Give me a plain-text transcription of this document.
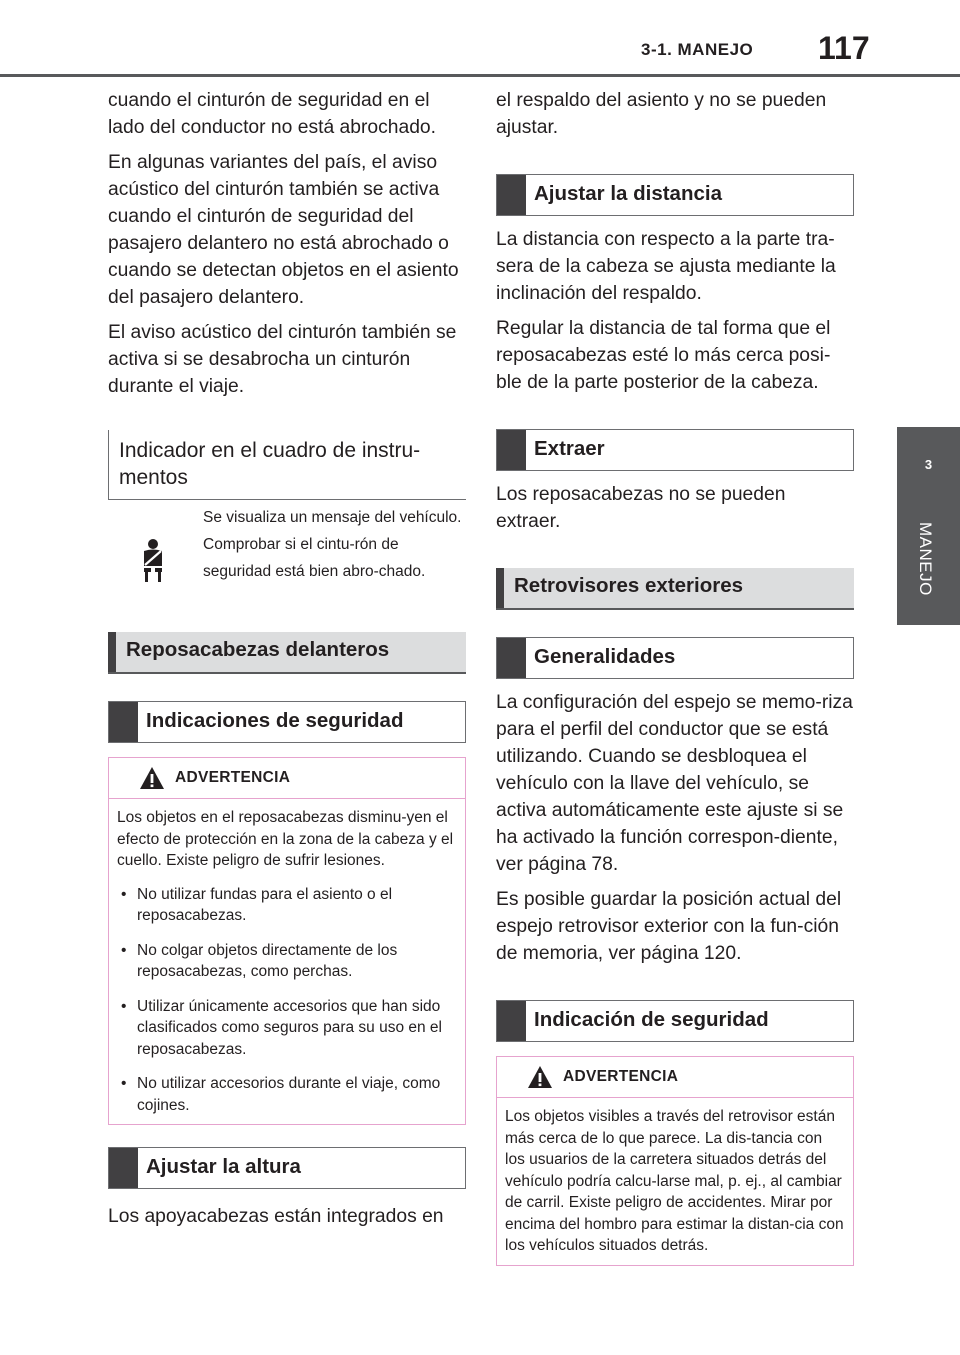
3-1. MANEJO 117
3
MANEJO

cuando el cinturón de seguridad en el lado del conductor no está abrochado.

En algunas variantes del país, el aviso acústico del cinturón también se activa cuando el cinturón de seguridad del pasajero delantero no está abrochado o cuando se detectan objetos en el asiento del pasajero delantero.

El aviso acústico del cinturón también se activa si se desabrocha un cinturón durante el viaje.

Indicador en el cuadro de instru-mentos
Se visualiza un mensaje del vehículo. Comprobar si el cintu-rón de seguridad está bien abro-chado.
Reposacabezas delanteros
Indicaciones de seguridad
ADVERTENCIA

Los objetos en el reposacabezas disminu-yen el efecto de protección en la zona de la cabeza y el cuello. Existe peligro de sufrir lesiones.

• No utilizar fundas para el asiento o el reposacabezas.
• No colgar objetos directamente de los reposacabezas, como perchas.
• Utilizar únicamente accesorios que han sido clasificados como seguros para su uso en el reposacabezas.
• No utilizar accesorios durante el viaje, como cojines.
Ajustar la altura

Los apoyacabezas están integrados en

el respaldo del asiento y no se pueden ajustar.

Ajustar la distancia

La distancia con respecto a la parte tra-sera de la cabeza se ajusta mediante la inclinación del respaldo.

Regular la distancia de tal forma que el reposacabezas esté lo más cerca posi-ble de la parte posterior de la cabeza.

Extraer

Los reposacabezas no se pueden extraer.

Retrovisores exteriores
Generalidades

La configuración del espejo se memo-riza para el perfil del conductor que se está utilizando. Cuando se desbloquea el vehículo con la llave del vehículo, se activa automáticamente este ajuste si se ha activado la función correspon-diente, ver página 78.

Es posible guardar la posición actual del espejo retrovisor exterior con la fun-ción de memoria, ver página 120.

Indicación de seguridad
ADVERTENCIA

Los objetos visibles a través del retrovisor están más cerca de lo que parece. La dis-tancia con los usuarios de la carretera situados detrás del vehículo podría calcu-larse mal, p. ej., al cambiar de carril. Existe peligro de accidentes. Mirar por encima del hombro para estimar la distan-cia con los vehículos situados detrás.
